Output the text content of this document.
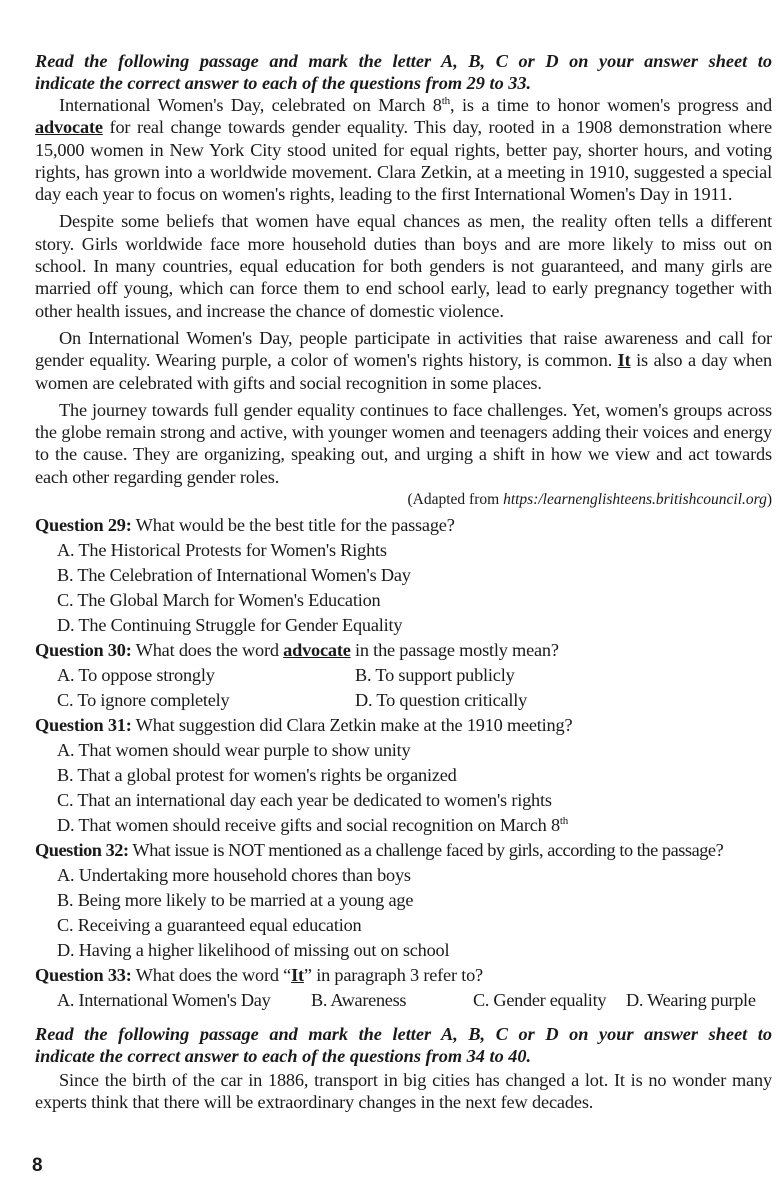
Read the following passage and mark the letter A, B, C or D on your answer sheet to
indicate the correct answer to each of the questions from 29 to 33.

International Women's Day, celebrated on March 8th, is a time to honor women's progress and advocate for real change towards gender equality. This day, rooted in a 1908 demonstration where 15,000 women in New York City stood united for equal rights, better pay, shorter hours, and voting rights, has grown into a worldwide movement. Clara Zetkin, at a meeting in 1910, suggested a special day each year to focus on women's rights, leading to the first International Women's Day in 1911.

Despite some beliefs that women have equal chances as men, the reality often tells a different story. Girls worldwide face more household duties than boys and are more likely to miss out on school. In many countries, equal education for both genders is not guaranteed, and many girls are married off young, which can force them to end school early, lead to early pregnancy together with other health issues, and increase the chance of domestic violence.

On International Women's Day, people participate in activities that raise awareness and call for gender equality. Wearing purple, a color of women's rights history, is common. It is also a day when women are celebrated with gifts and social recognition in some places.

The journey towards full gender equality continues to face challenges. Yet, women's groups across the globe remain strong and active, with younger women and teenagers adding their voices and energy to the cause. They are organizing, speaking out, and urging a shift in how we view and act towards each other regarding gender roles.

(Adapted from https:/learnenglishteens.britishcouncil.org)

Question 29: What would be the best title for the passage?

A. The Historical Protests for Women's Rights

B. The Celebration of International Women's Day

C. The Global March for Women's Education

D. The Continuing Struggle for Gender Equality

Question 30: What does the word advocate in the passage mostly mean?

A. To oppose strongly	B. To support publicly
C. To ignore completely	D. To question critically

Question 31: What suggestion did Clara Zetkin make at the 1910 meeting?

A. That women should wear purple to show unity

B. That a global protest for women's rights be organized

C. That an international day each year be dedicated to women's rights

D. That women should receive gifts and social recognition on March 8th

Question 32: What issue is NOT mentioned as a challenge faced by girls, according to the passage?

A. Undertaking more household chores than boys

B. Being more likely to be married at a young age

C. Receiving a guaranteed equal education

D. Having a higher likelihood of missing out on school

Question 33: What does the word “It” in paragraph 3 refer to?

A. International Women's Day	B. Awareness	C. Gender equality	D. Wearing purple

Read the following passage and mark the letter A, B, C or D on your answer sheet to
indicate the correct answer to each of the questions from 34 to 40.

Since the birth of the car in 1886, transport in big cities has changed a lot. It is no wonder many experts think that there will be extraordinary changes in the next few decades.

8
